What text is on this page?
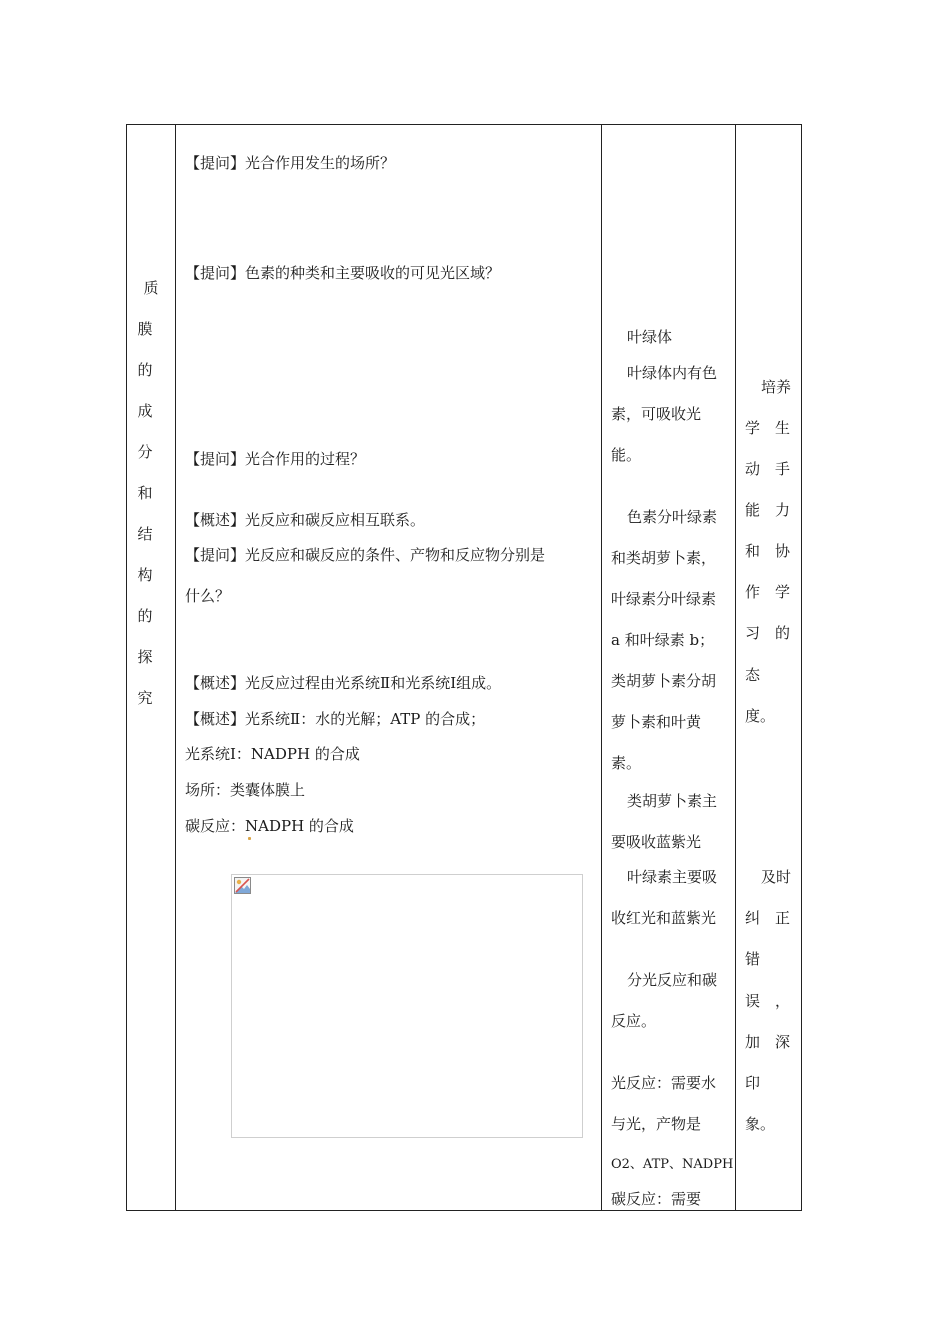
质
膜
的
成
分
和
结
构
的
探
究
【提问】光合作用发生的场所？
【提问】色素的种类和主要吸收的可见光区域？
【提问】光合作用的过程？
【概述】光反应和碳反应相互联系。
【提问】光反应和碳反应的条件、产物和反应物分别是
什么？
【概述】光反应过程由光系统Ⅱ和光系统Ⅰ组成。
【概述】光系统Ⅱ：水的光解；ATP 的合成；
光系统Ⅰ：NADPH 的合成
场所：类囊体膜上
碳反应：NADPH 的合成
叶绿体
叶绿体内有色
素，可吸收光
能。
色素分叶绿素
和类胡萝卜素，
叶绿素分叶绿素
a 和叶绿素 b；
类胡萝卜素分胡
萝卜素和叶黄
素。
类胡萝卜素主
要吸收蓝紫光
叶绿素主要吸
收红光和蓝紫光
分光反应和碳
反应。
光反应：需要水
与光，产物是
O2、ATP、NADPH
碳反应：需要
培养
学　生
动　手
能　力
和　协
作　学
习　的
态
度。
及时
纠　正
错
误　，
加　深
印
象。
